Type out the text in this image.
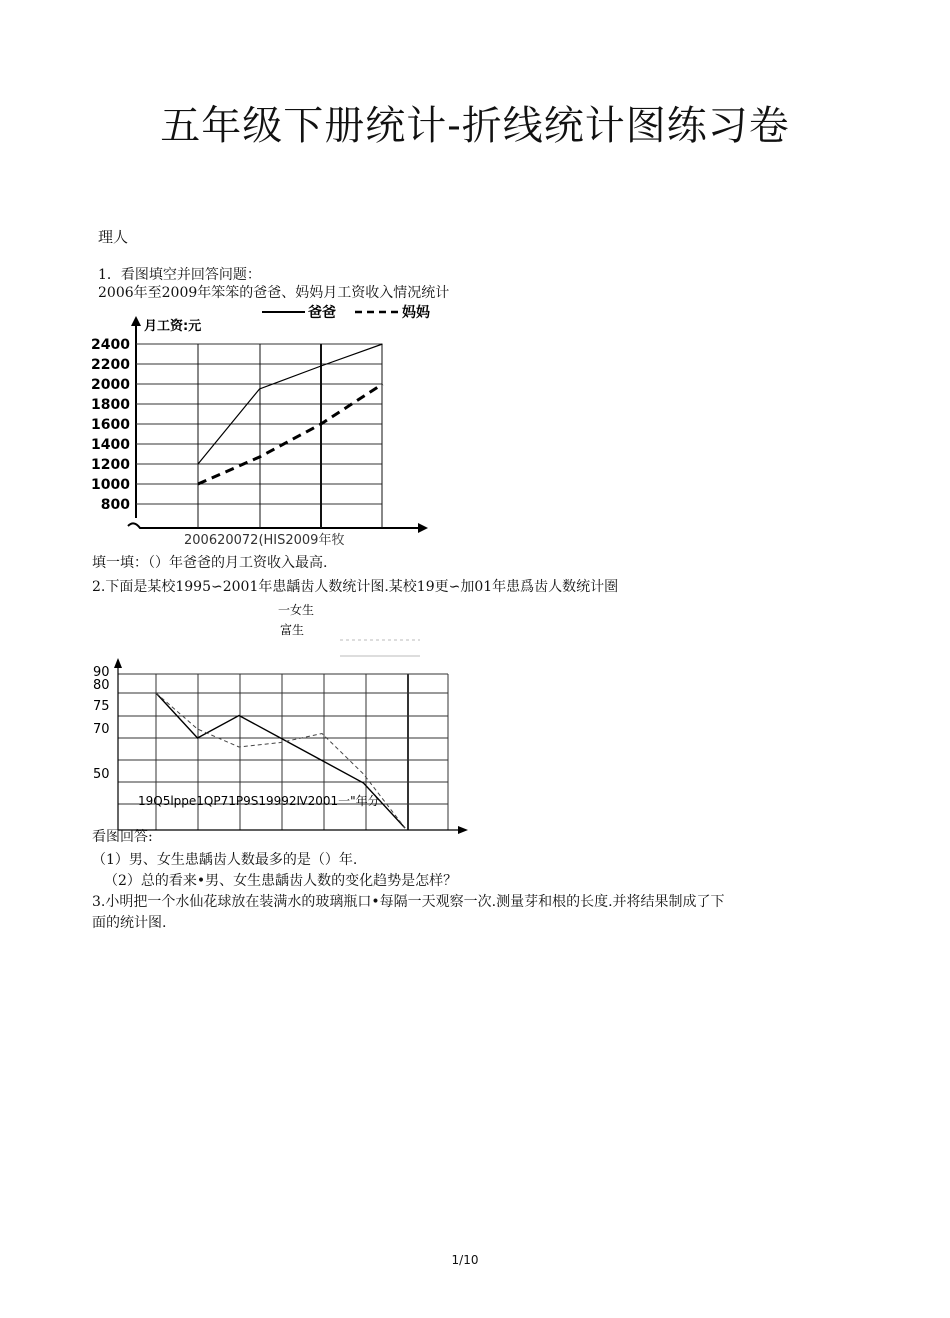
五年级下册统计-折线统计图练习卷
理人
1．看图填空并回答问题：
2006年至2009年笨笨的爸爸、妈妈月工资收入情况统计
800
1000
1200
1400
1600
1800
2000
2200
2400
月工资:元
爸爸	妈妈
200620072(HIS2009年牧
填一填：（）年爸爸的月工资收入最高.
2.下面是某校1995∽2001年患龋齿人数统计图.某校19更∽加01年患爲齿人数统计圏
一女生
富生
90
80
75
70
50
19Q5lppe1QP71P9S19992Ⅳ2001一"年分
看图回答:
（1）男、女生患龋齿人数最多的是（）年.
（2）总的看来•男、女生患龋齿人数的变化趋势是怎样？
3.小明把一个水仙花球放在装满水的玻璃瓶口•每隔一天观察一次.测量芽和根的长度.并将结果制成了下
面的统计图.
1/10
